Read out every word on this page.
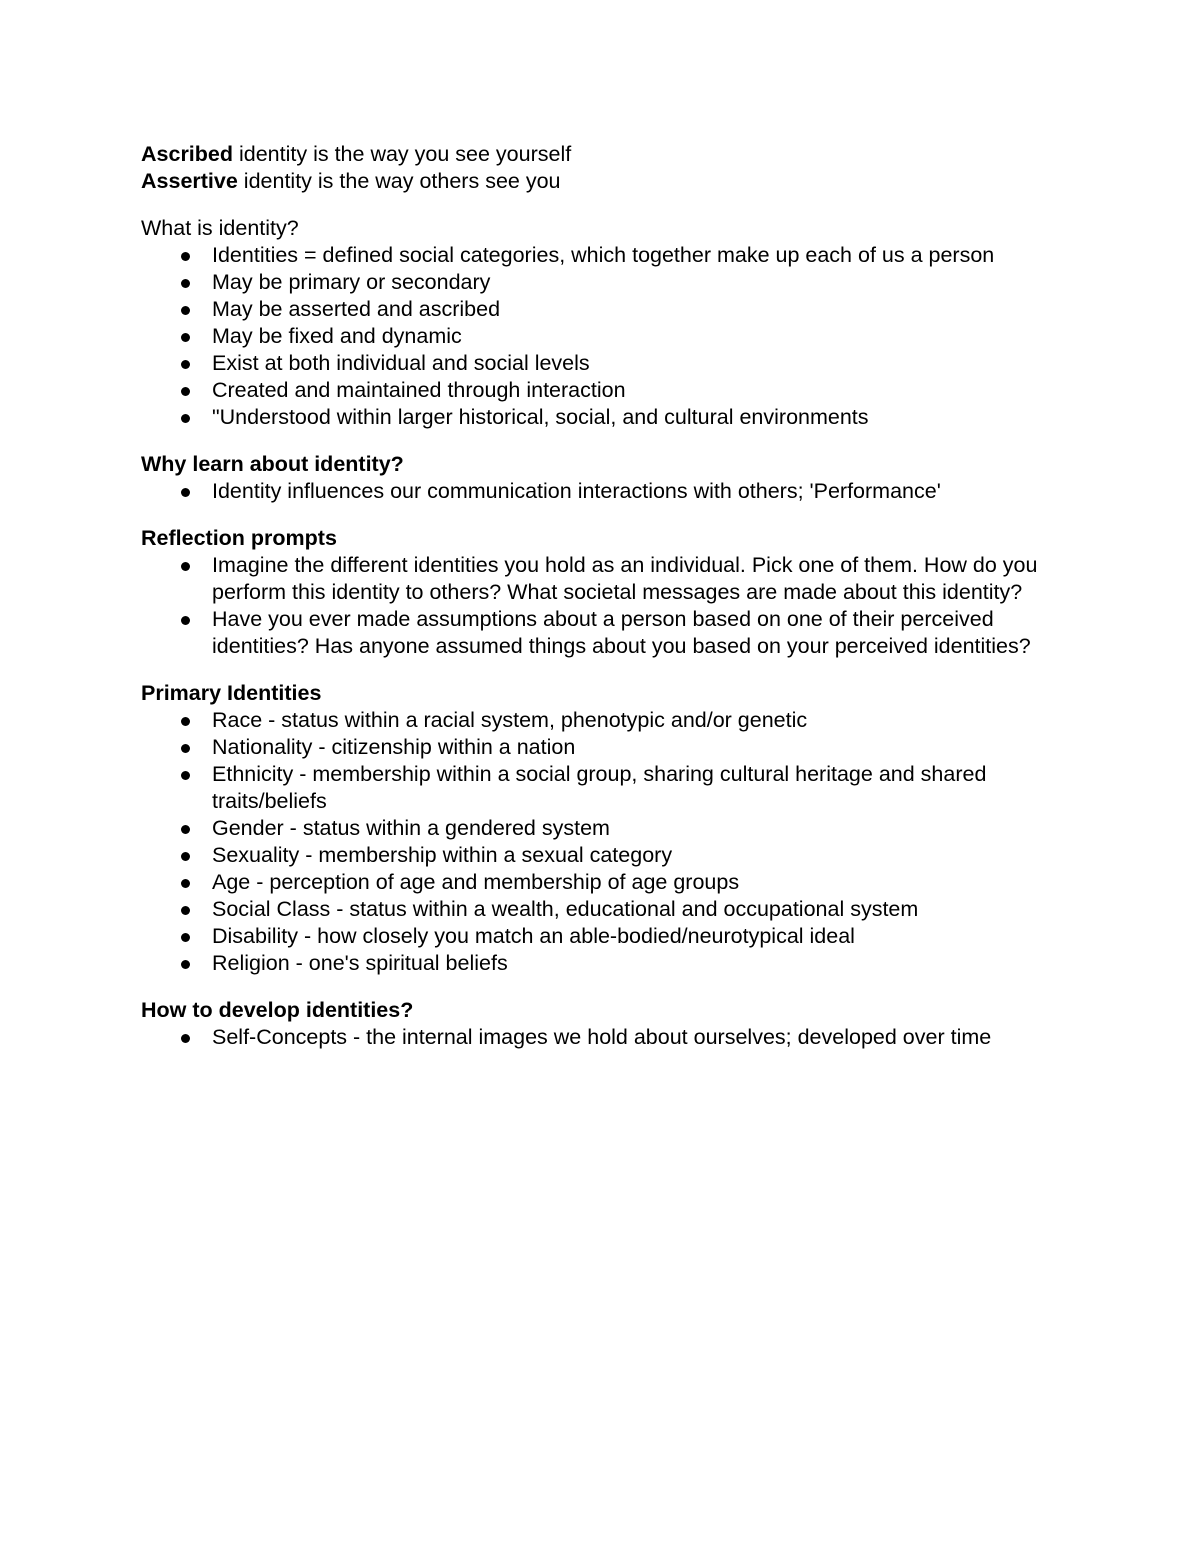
Ascribed identity is the way you see yourself

Assertive identity is the way others see you

What is identity?

Identities = defined social categories, which together make up each of us a person
May be primary or secondary
May be asserted and ascribed
May be fixed and dynamic
Exist at both individual and social levels
Created and maintained through interaction
"Understood within larger historical, social, and cultural environments

Why learn about identity?

Identity influences our communication interactions with others; 'Performance'

Reflection prompts

Imagine the different identities you hold as an individual. Pick one of them. How do you perform this identity to others? What societal messages are made about this identity?
Have you ever made assumptions about a person based on one of their perceived identities? Has anyone assumed things about you based on your perceived identities?

Primary Identities

Race - status within a racial system, phenotypic and/or genetic
Nationality - citizenship within a nation
Ethnicity - membership within a social group, sharing cultural heritage and shared traits/beliefs
Gender - status within a gendered system
Sexuality - membership within a sexual category
Age - perception of age and membership of age groups
Social Class - status within a wealth, educational and occupational system
Disability - how closely you match an able-bodied/neurotypical ideal
Religion - one's spiritual beliefs

How to develop identities?

Self-Concepts - the internal images we hold about ourselves; developed over time
